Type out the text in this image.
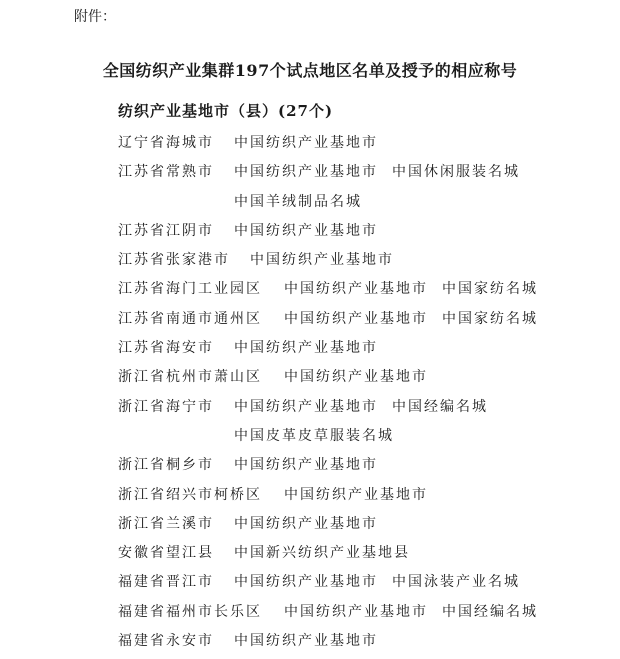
附件：
全国纺织产业集群197个试点地区名单及授予的相应称号
纺织产业基地市（县）(27个)
辽宁省海城市 中国纺织产业基地市
江苏省常熟市 中国纺织产业基地市 中国休闲服装名城
中国羊绒制品名城
江苏省江阴市 中国纺织产业基地市
江苏省张家港市 中国纺织产业基地市
江苏省海门工业园区 中国纺织产业基地市 中国家纺名城
江苏省南通市通州区 中国纺织产业基地市 中国家纺名城
江苏省海安市 中国纺织产业基地市
浙江省杭州市萧山区 中国纺织产业基地市
浙江省海宁市 中国纺织产业基地市 中国经编名城
中国皮革皮草服装名城
浙江省桐乡市 中国纺织产业基地市
浙江省绍兴市柯桥区 中国纺织产业基地市
浙江省兰溪市 中国纺织产业基地市
安徽省望江县 中国新兴纺织产业基地县
福建省晋江市 中国纺织产业基地市 中国泳装产业名城
福建省福州市长乐区 中国纺织产业基地市 中国经编名城
福建省永安市 中国纺织产业基地市
